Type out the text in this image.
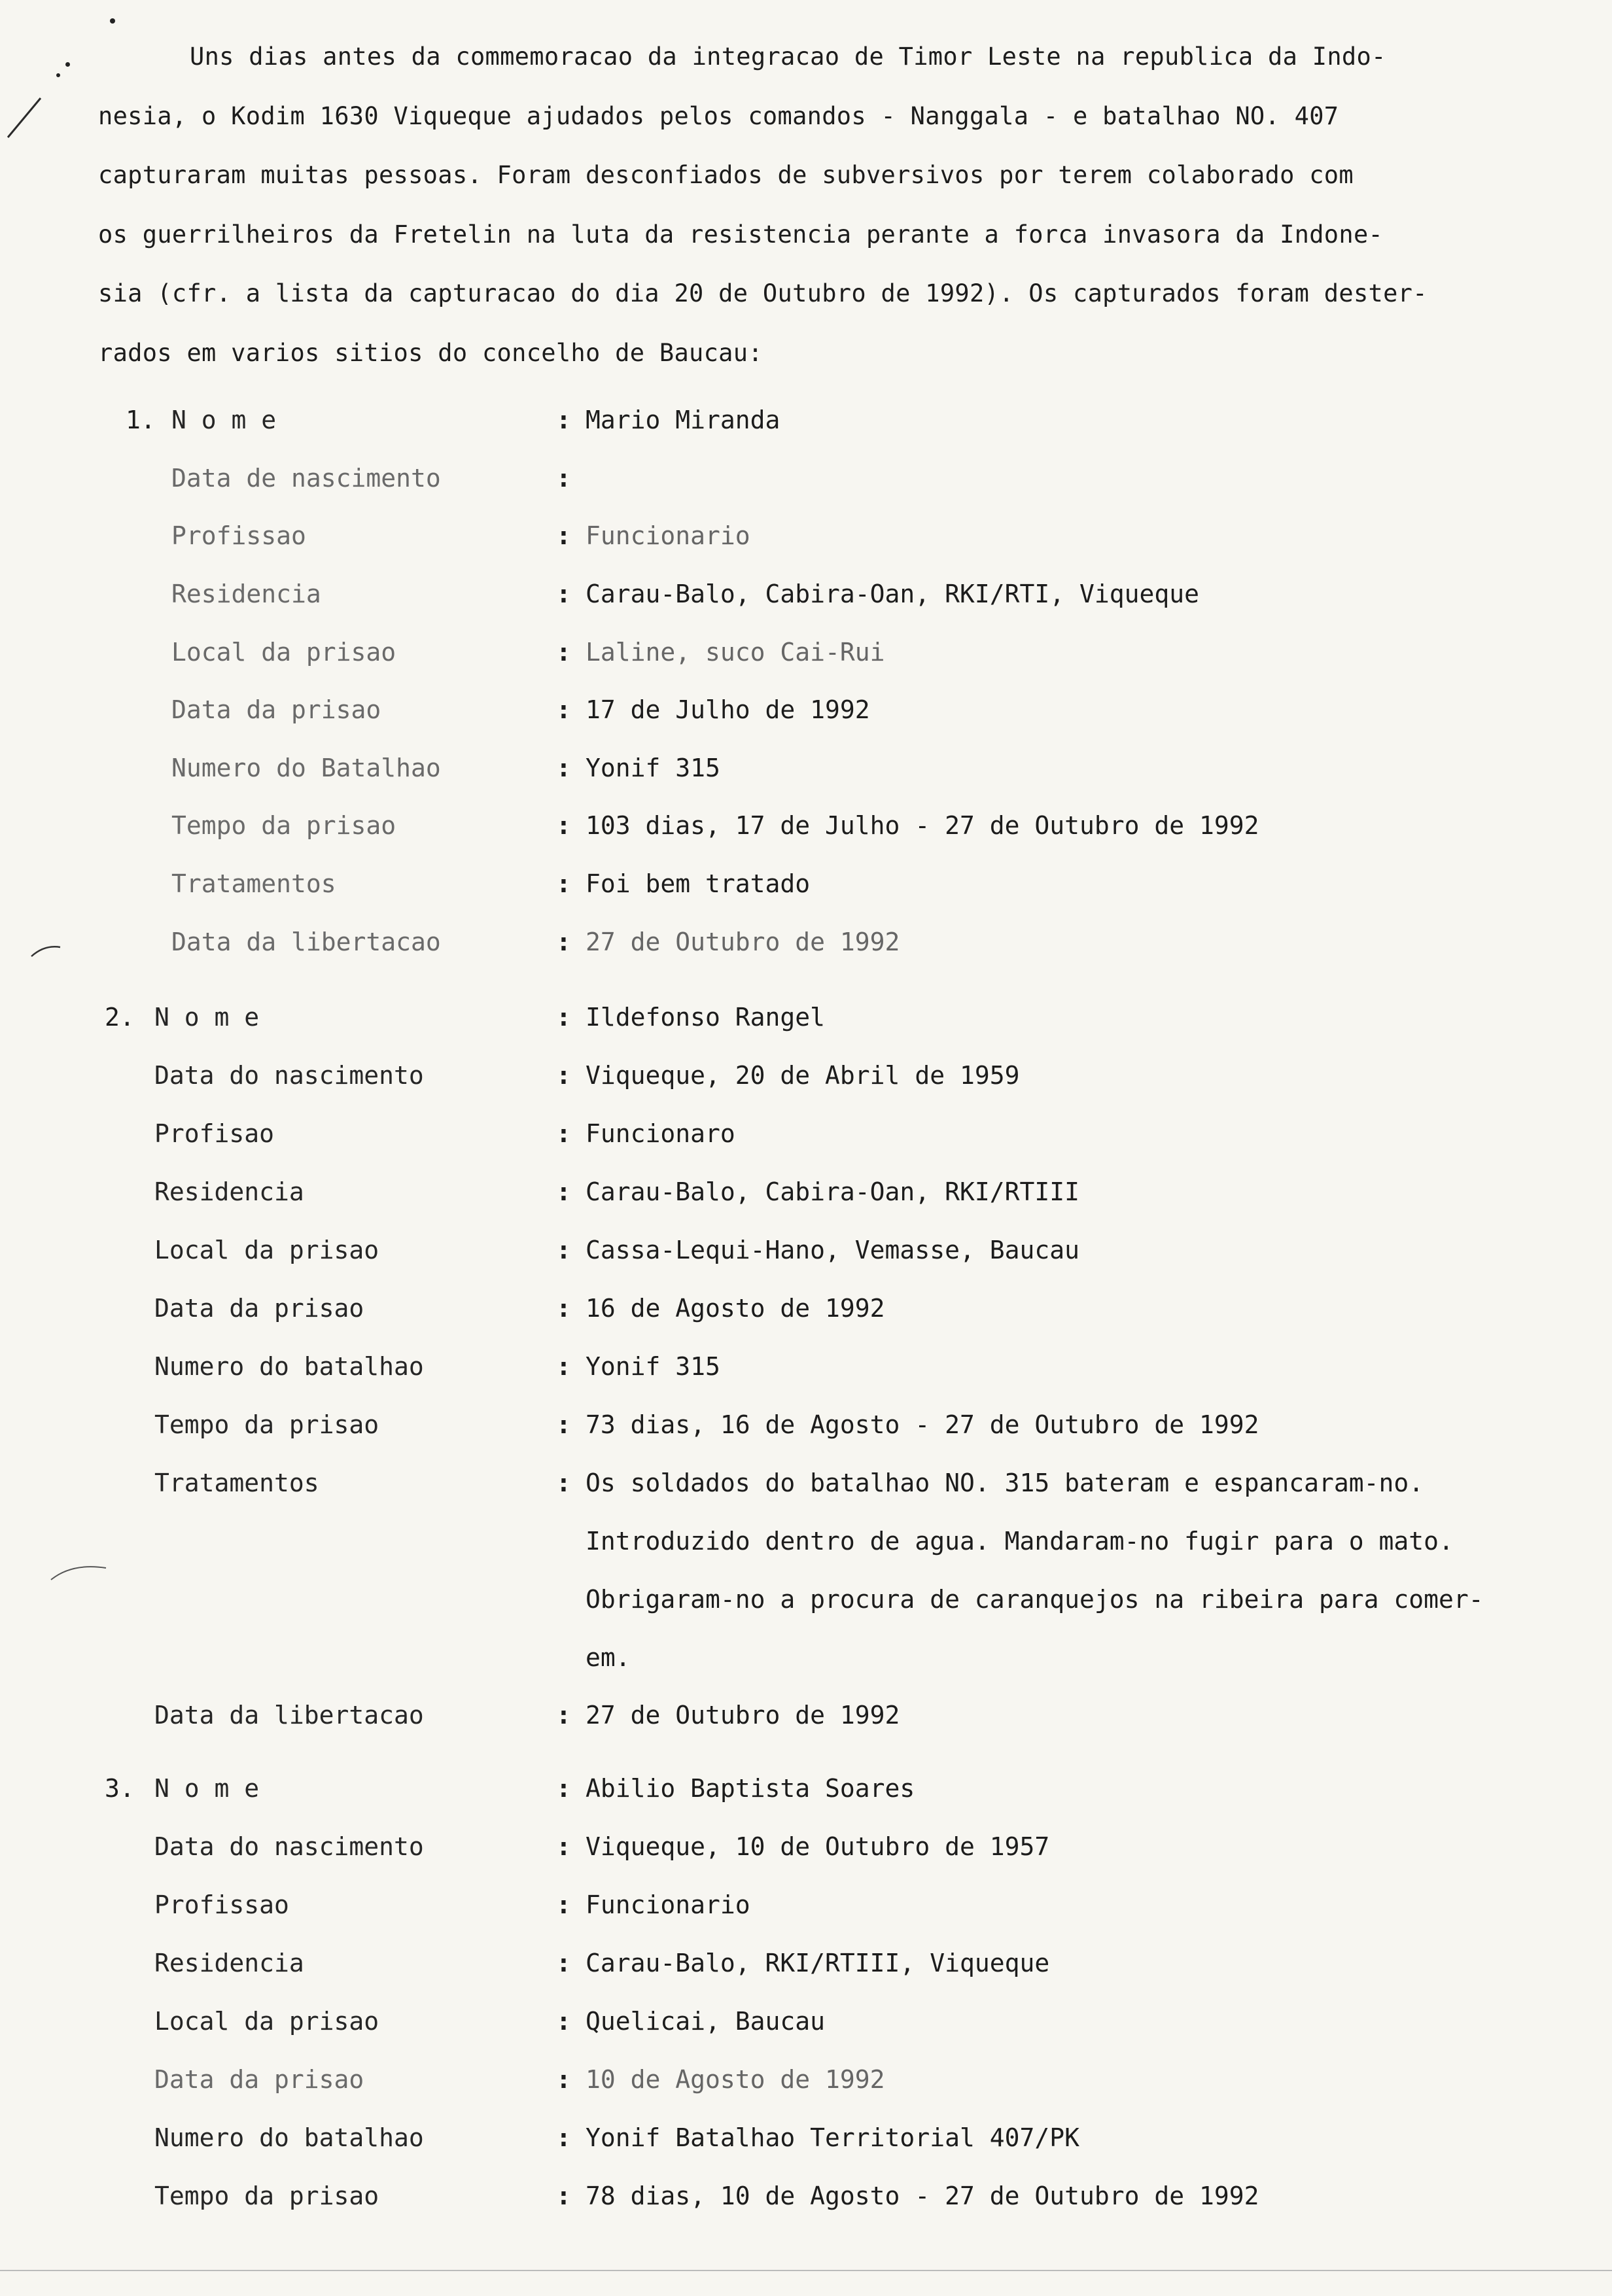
Uns dias antes da commemoracao da integracao de Timor Leste na republica da Indo-
nesia, o Kodim 1630 Viqueque ajudados pelos comandos - Nanggala - e batalhao NO. 407
capturaram muitas pessoas. Foram desconfiados de subversivos por terem colaborado com
os guerrilheiros da Fretelin na luta da resistencia perante a forca invasora da Indone-
sia (cfr. a lista da capturacao do dia 20 de Outubro de 1992). Os capturados foram dester-
rados em varios sitios do concelho de Baucau:
1. N o m e	: Mario Miranda
Data de nascimento	:
Profissao	: Funcionario
Residencia	: Carau-Balo, Cabira-Oan, RKI/RTI, Viqueque
Local da prisao	: Laline, suco Cai-Rui
Data da prisao	: 17 de Julho de 1992
Numero do Batalhao	: Yonif 315
Tempo da prisao	: 103 dias, 17 de Julho - 27 de Outubro de 1992
Tratamentos	: Foi bem tratado
Data da libertacao	: 27 de Outubro de 1992
2. N o m e	: Ildefonso Rangel
Data do nascimento	: Viqueque, 20 de Abril de 1959
Profisao	: Funcionaro
Residencia	: Carau-Balo, Cabira-Oan, RKI/RTIII
Local da prisao	: Cassa-Lequi-Hano, Vemasse, Baucau
Data da prisao	: 16 de Agosto de 1992
Numero do batalhao	: Yonif 315
Tempo da prisao	: 73 dias, 16 de Agosto - 27 de Outubro de 1992
Tratamentos	: Os soldados do batalhao NO. 315 bateram e espancaram-no.
Introduzido dentro de agua. Mandaram-no fugir para o mato.
Obrigaram-no a procura de caranquejos na ribeira para comer-
em.
Data da libertacao	: 27 de Outubro de 1992
3. N o m e	: Abilio Baptista Soares
Data do nascimento	: Viqueque, 10 de Outubro de 1957
Profissao	: Funcionario
Residencia	: Carau-Balo, RKI/RTIII, Viqueque
Local da prisao	: Quelicai, Baucau
Data da prisao	: 10 de Agosto de 1992
Numero do batalhao	: Yonif Batalhao Territorial 407/PK
Tempo da prisao	: 78 dias, 10 de Agosto - 27 de Outubro de 1992
